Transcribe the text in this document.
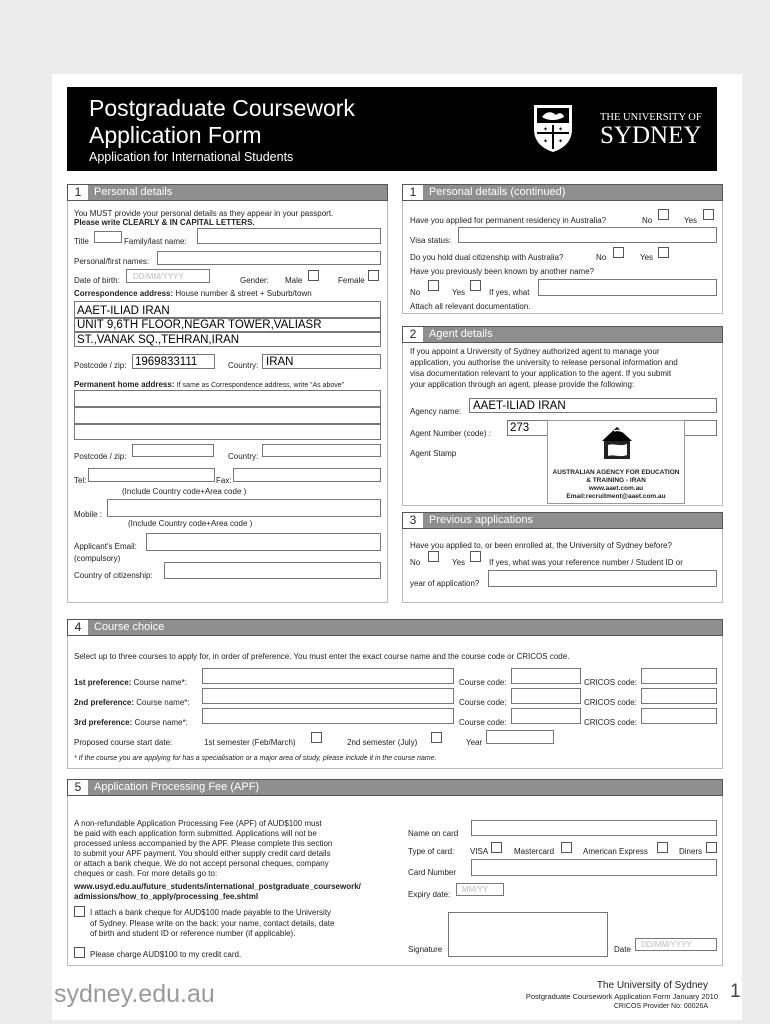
Postgraduate Coursework
Application Form
Application for International Students
✦ ✦
✦ ✦
THE UNIVERSITY OF
SYDNEY
1	Personal details
You MUST provide your personal details as they appear in your passport.
Please write CLEARLY & IN CAPITAL LETTERS.
Title	Family/last name:
Personal/first names:
Date of birth: DD/MM/YYYY	Gender: Male	Female
Correspondence address: House number & street + Suburb/town
AAET-ILIAD IRAN
UNIT 9,6TH FLOOR,NEGAR TOWER,VALIASR
ST.,VANAK SQ.,TEHRAN,IRAN
Postcode / zip: 1969833111	Country: IRAN
Permanent home address: If same as Correspondence address, write “As above”
Postcode / zip:	Country:
Tel:	Fax:
(Include Country code+Area code )
Mobile :
(Include Country code+Area code )
Applicant's Email:
(compulsory)
Country of citizenship:
1	Personal details (continued)
Have you applied for permanent residency in Australia?	No	Yes
Visa status:
Do you hold dual citizenship with Australia?	No	Yes
Have you previously been known by another name?
No	Yes	If yes, what
Attach all relevant documentation.
2	Agent details
If you appoint a University of Sydney authorized agent to manage your
application, you authorise the university to release personal information and
visa documentation relevant to your application to the agent. If you submit
your application through an agent, please provide the following:
Agency name: AAET-ILIAD IRAN
Agent Number (code) : 273
Agent Stamp
AUSTRALIAN AGENCY FOR EDUCATION
& TRAINING - IRAN
www.aaet.com.au
Email:recruitment@aaet.com.au
3	Previous applications
Have you applied to, or been enrolled at, the University of Sydney before?
No	Yes	If yes, what was your reference number / Student ID or
year of application?
4	Course choice
Select up to three courses to apply for, in order of preference. You must enter the exact course name and the course code or CRICOS code.
1st preference: Course name*:	Course code:	CRICOS code:
2nd preference: Course name*:	Course code:	CRICOS code:
3rd preference: Course name*:	Course code:	CRICOS code:
Proposed course start date:	1st semester (Feb/March)	2nd semester (July)	Year
* If the course you are applying for has a specialisation or a major area of study, please include it in the course name.
5	Application Processing Fee (APF)
A non-refundable Application Processing Fee (APF) of AUD$100 must
be paid with each application form submitted. Applications will not be
processed unless accompanied by the APF. Please complete this section
to submit your APF payment. You should either supply credit card details
or attach a bank cheque. We do not accept personal cheques, company
cheques or cash. For more details go to:
www.usyd.edu.au/future_students/international_postgraduate_coursework/
admissions/how_to_apply/processing_fee.shtml
I attach a bank cheque for AUD$100 made payable to the University
of Sydney. Please write on the back: your name, contact details, date
of birth and student ID or reference number (if applicable).
Please charge AUD$100 to my credit card.
Name on card
Type of card: VISA	Mastercard	American Express	Diners
Card Number
Expiry date:
MM/YY
Signature	Date
DD/MM/YYYY
sydney.edu.au	The University of Sydney
Postgraduate Coursework Application Form January 2010
CRICOS Provider No: 00026A
1
